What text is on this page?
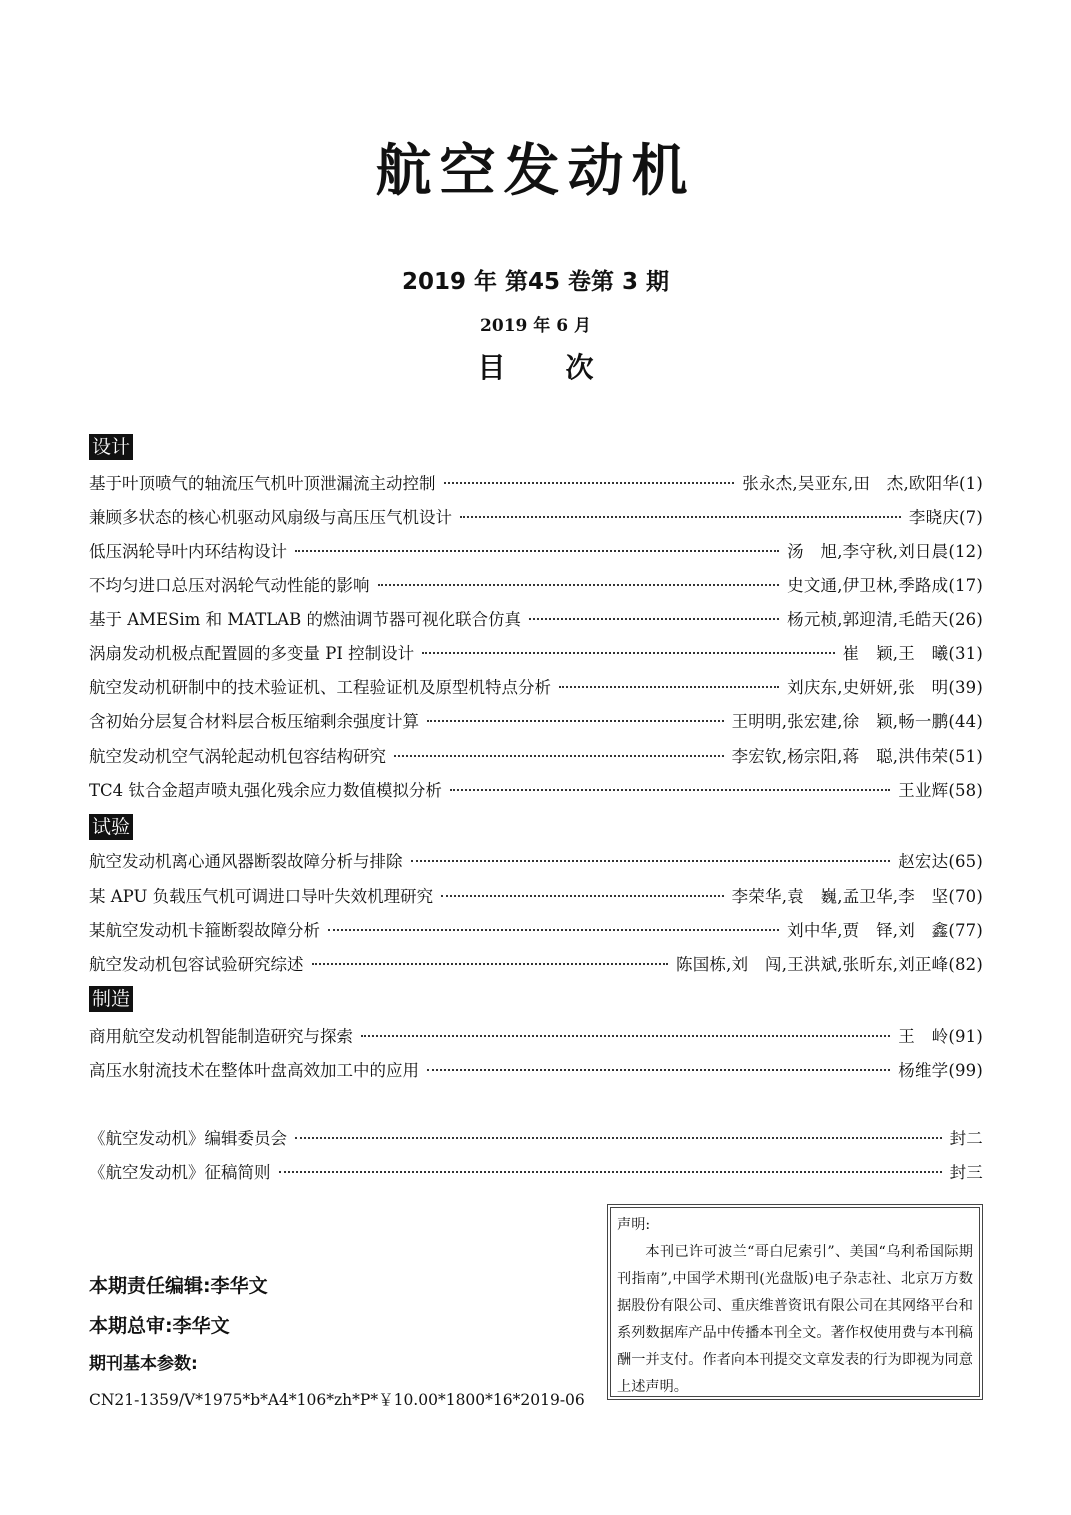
航空发动机
2019 年 第45 卷第 3 期
2019 年 6 月
目次
设计
基于叶顶喷气的轴流压气机叶顶泄漏流主动控制	张永杰,吴亚东,田　杰,欧阳华(1)
兼顾多状态的核心机驱动风扇级与高压压气机设计	李晓庆(7)
低压涡轮导叶内环结构设计	汤　旭,李守秋,刘日晨(12)
不均匀进口总压对涡轮气动性能的影响	史文通,伊卫林,季路成(17)
基于 AMESim 和 MATLAB 的燃油调节器可视化联合仿真	杨元桢,郭迎清,毛皓天(26)
涡扇发动机极点配置圆的多变量 PI 控制设计	崔　颖,王　曦(31)
航空发动机研制中的技术验证机、工程验证机及原型机特点分析	刘庆东,史妍妍,张　明(39)
含初始分层复合材料层合板压缩剩余强度计算	王明明,张宏建,徐　颖,畅一鹏(44)
航空发动机空气涡轮起动机包容结构研究	李宏钦,杨宗阳,蒋　聪,洪伟荣(51)
TC4 钛合金超声喷丸强化残余应力数值模拟分析	王业辉(58)
试验
航空发动机离心通风器断裂故障分析与排除	赵宏达(65)
某 APU 负载压气机可调进口导叶失效机理研究	李荣华,袁　巍,孟卫华,李　坚(70)
某航空发动机卡箍断裂故障分析	刘中华,贾　铎,刘　鑫(77)
航空发动机包容试验研究综述	陈国栋,刘　闯,王洪斌,张昕东,刘正峰(82)
制造
商用航空发动机智能制造研究与探索	王　岭(91)
高压水射流技术在整体叶盘高效加工中的应用	杨维学(99)
《航空发动机》编辑委员会	封二
《航空发动机》征稿简则	封三
本期责任编辑:李华文
本期总审:李华文
期刊基本参数:
CN21-1359/V*1975*b*A4*106*zh*P*￥10.00*1800*16*2019-06
声明:
本刊已许可波兰“哥白尼索引”、美国“乌利希国际期刊指南”,中国学术期刊(光盘版)电子杂志社、北京万方数据股份有限公司、重庆维普资讯有限公司在其网络平台和系列数据库产品中传播本刊全文。著作权使用费与本刊稿酬一并支付。作者向本刊提交文章发表的行为即视为同意上述声明。
